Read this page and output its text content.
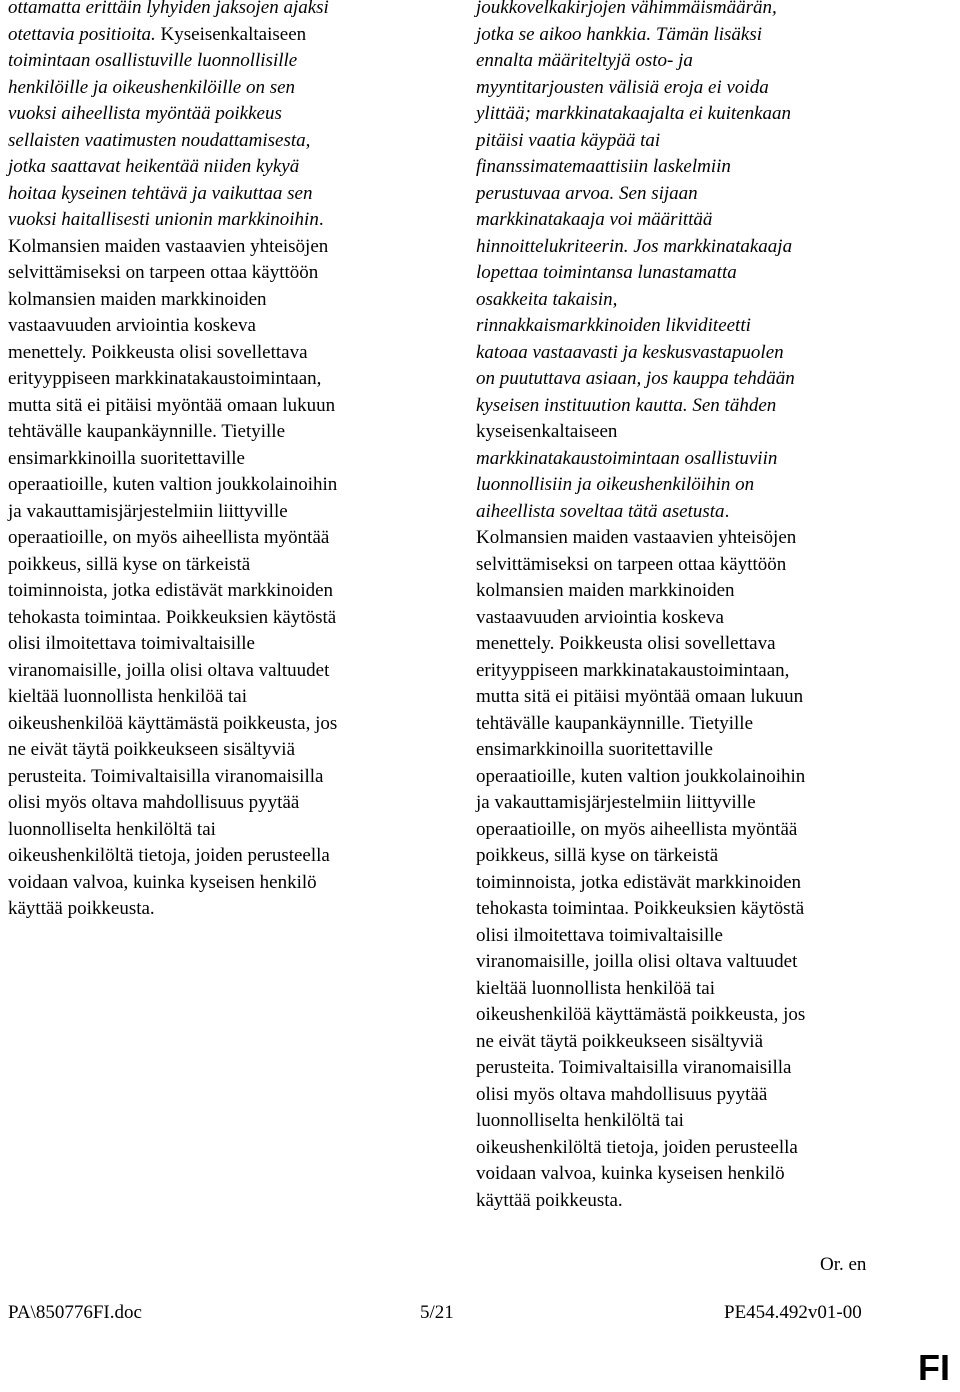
ottamatta erittäin lyhyiden jaksojen ajaksi
otettavia positioita. Kyseisenkaltaiseen
toimintaan osallistuville luonnollisille
henkilöille ja oikeushenkilöille on sen
vuoksi aiheellista myöntää poikkeus
sellaisten vaatimusten noudattamisesta,
jotka saattavat heikentää niiden kykyä
hoitaa kyseinen tehtävä ja vaikuttaa sen
vuoksi haitallisesti unionin markkinoihin.
Kolmansien maiden vastaavien yhteisöjen
selvittämiseksi on tarpeen ottaa käyttöön
kolmansien maiden markkinoiden
vastaavuuden arviointia koskeva
menettely. Poikkeusta olisi sovellettava
erityyppiseen markkinatakaustoimintaan,
mutta sitä ei pitäisi myöntää omaan lukuun
tehtävälle kaupankäynnille. Tietyille
ensimarkkinoilla suoritettaville
operaatioille, kuten valtion joukkolainoihin
ja vakauttamisjärjestelmiin liittyville
operaatioille, on myös aiheellista myöntää
poikkeus, sillä kyse on tärkeistä
toiminnoista, jotka edistävät markkinoiden
tehokasta toimintaa. Poikkeuksien käytöstä
olisi ilmoitettava toimivaltaisille
viranomaisille, joilla olisi oltava valtuudet
kieltää luonnollista henkilöä tai
oikeushenkilöä käyttämästä poikkeusta, jos
ne eivät täytä poikkeukseen sisältyviä
perusteita. Toimivaltaisilla viranomaisilla
olisi myös oltava mahdollisuus pyytää
luonnolliselta henkilöltä tai
oikeushenkilöltä tietoja, joiden perusteella
voidaan valvoa, kuinka kyseisen henkilö
käyttää poikkeusta.
joukkovelkakirjojen vähimmäismäärän,
jotka se aikoo hankkia. Tämän lisäksi
ennalta määriteltyjä osto- ja
myyntitarjousten välisiä eroja ei voida
ylittää; markkinatakaajalta ei kuitenkaan
pitäisi vaatia käypää tai
finanssimatemaattisiin laskelmiin
perustuvaa arvoa. Sen sijaan
markkinatakaaja voi määrittää
hinnoittelukriteerin. Jos markkinatakaaja
lopettaa toimintansa lunastamatta
osakkeita takaisin,
rinnakkaismarkkinoiden likviditeetti
katoaa vastaavasti ja keskusvastapuolen
on puututtava asiaan, jos kauppa tehdään
kyseisen instituution kautta. Sen tähden
kyseisenkaltaiseen
markkinatakaustoimintaan osallistuviin
luonnollisiin ja oikeushenkilöihin on
aiheellista soveltaa tätä asetusta.
Kolmansien maiden vastaavien yhteisöjen
selvittämiseksi on tarpeen ottaa käyttöön
kolmansien maiden markkinoiden
vastaavuuden arviointia koskeva
menettely. Poikkeusta olisi sovellettava
erityyppiseen markkinatakaustoimintaan,
mutta sitä ei pitäisi myöntää omaan lukuun
tehtävälle kaupankäynnille. Tietyille
ensimarkkinoilla suoritettaville
operaatioille, kuten valtion joukkolainoihin
ja vakauttamisjärjestelmiin liittyville
operaatioille, on myös aiheellista myöntää
poikkeus, sillä kyse on tärkeistä
toiminnoista, jotka edistävät markkinoiden
tehokasta toimintaa. Poikkeuksien käytöstä
olisi ilmoitettava toimivaltaisille
viranomaisille, joilla olisi oltava valtuudet
kieltää luonnollista henkilöä tai
oikeushenkilöä käyttämästä poikkeusta, jos
ne eivät täytä poikkeukseen sisältyviä
perusteita. Toimivaltaisilla viranomaisilla
olisi myös oltava mahdollisuus pyytää
luonnolliselta henkilöltä tai
oikeushenkilöltä tietoja, joiden perusteella
voidaan valvoa, kuinka kyseisen henkilö
käyttää poikkeusta.
Or. en
PA\850776FI.doc	5/21	PE454.492v01-00
FI
